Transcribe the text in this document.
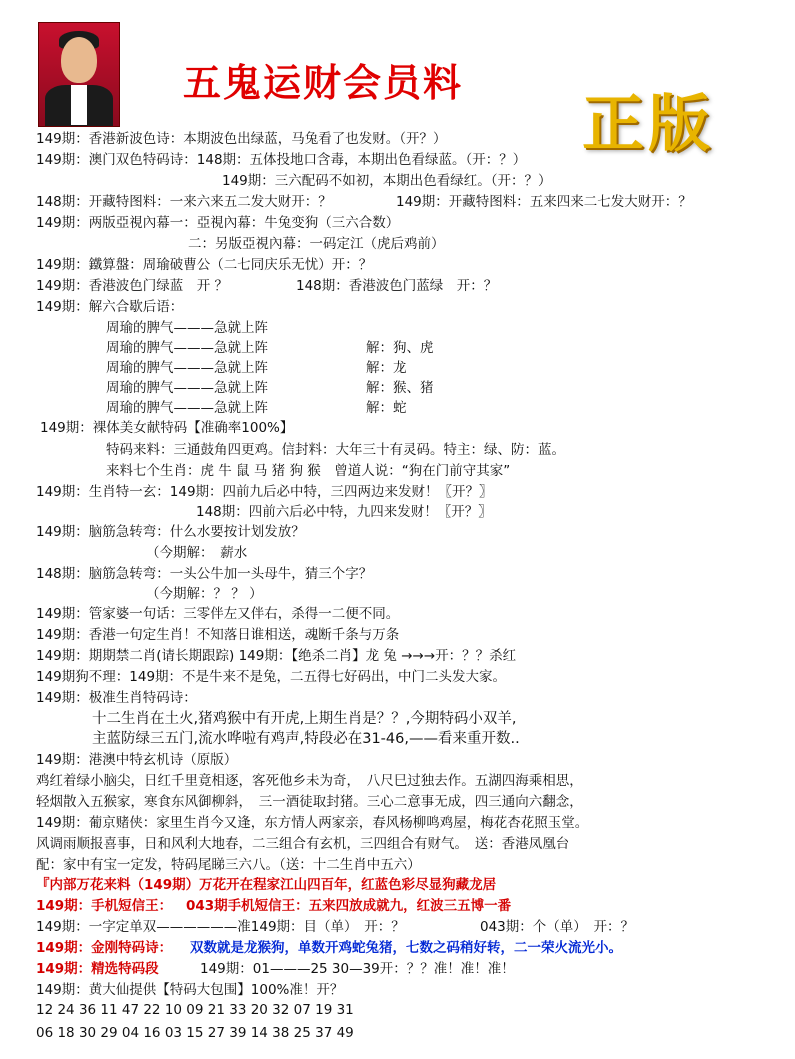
五鬼运财会员料
正版
149期：香港新波色诗：本期波色出绿蓝，马兔看了也发财。（开？）
149期：澳门双色特码诗：148期：五体投地口含毒，本期出色看绿蓝。（开：？）
149期：三六配码不如初，本期出色看绿红。（开：？）
148期：开藏特图料：一来六来五二发大财开：？	149期：开藏特图料：五来四来二七发大财开：？
149期：两版亞視內幕一：亞視內幕：牛兔变狗（三六合数）
二：另版亞視內幕：一码定江（虎后鸡前）
149期：鐵算盤：周瑜破曹公（二七同庆乐无忧）开：？
149期：香港波色门绿蓝　开 ？	148期：香港波色门蓝绿　开：？
149期：解六合歇后语：
周瑜的脾气———急就上阵
周瑜的脾气———急就上阵	解：狗、虎
周瑜的脾气———急就上阵	解：龙
周瑜的脾气———急就上阵	解：猴、猪
周瑜的脾气———急就上阵	解：蛇
149期：裸体美女献特码【准确率100%】
特码来料：三通鼓角四更鸡。信封料：大年三十有灵码。特主：绿、防：蓝。
来料七个生肖：虎 牛 鼠 马 猪 狗 猴　曾道人说：“狗在门前守其家”
149期：生肖特一玄：149期：四前九后必中特，三四两边来发财！〖开？〗
148期：四前六后必中特，九四来发财！〖开？〗
149期：脑筋急转弯：什么水要按计划发放？
（今期解：　薪水
148期：脑筋急转弯：一头公牛加一头母牛，猜三个字？
（今期解：？ ？ ）
149期：管家婆一句话：三零伴左又伴右，杀得一二便不同。
149期：香港一句定生肖！不知落日谁相送，魂断千条与万条
149期：期期禁二肖(请长期跟踪) 149期：【绝杀二肖】龙 兔 →→→开：？？杀红
149期狗不理：149期：不是牛来不是兔，二五得七好码出，中门二头发大家。
149期：极准生肖特码诗：
十二生肖在土火,猪鸡猴中有开虎,上期生肖是？？,今期特码小双羊,
主蓝防绿三五门,流水哗啦有鸡声,特段必在31-46,——看来重开数..
149期：港澳中特玄机诗（原版）
鸡红着绿小脑尖，日红千里竟相逐，客死他乡未为奇，　八尺巳过独去作。五湖四海乘相思，
轻烟散入五猴家，寒食东风御柳斜，　三一酒徒取封猪。三心二意事无成，四三通向六翻念，
149期：葡京赌侠：家里生肖今又逢，东方情人两家亲，春风杨柳鸣鸡屋，梅花杏花照玉堂。
风调雨顺报喜事，日和风利大地春，二三组合有玄机，三四组合有财气。　送：香港凤凰台
配：家中有宝一定发，特码尾睇三六八。（送：十二生肖中五六）
『内部万花来料（149期）万花开在程家江山四百年，红蓝色彩尽显狗藏龙居
149期：手机短信王： 043期手机短信王：五来四放成就九，红波三五博一番
149期：一字定单双——————准149期：目（单）　开：？	043期：个（单）　开：？
149期：金刚特码诗： 双数就是龙猴狗，单数开鸡蛇兔猪，七数之码稍好转，二一荣火流光小。
149期：精选特码段	149期：01———25 30—39开：？？准！准！准！
149期：黄大仙提供【特码大包围】100%准！开？
12 24 36 11 47 22 10 09 21 33 20 32 07 19 31
06 18 30 29 04 16 03 15 27 39 14 38 25 37 49
